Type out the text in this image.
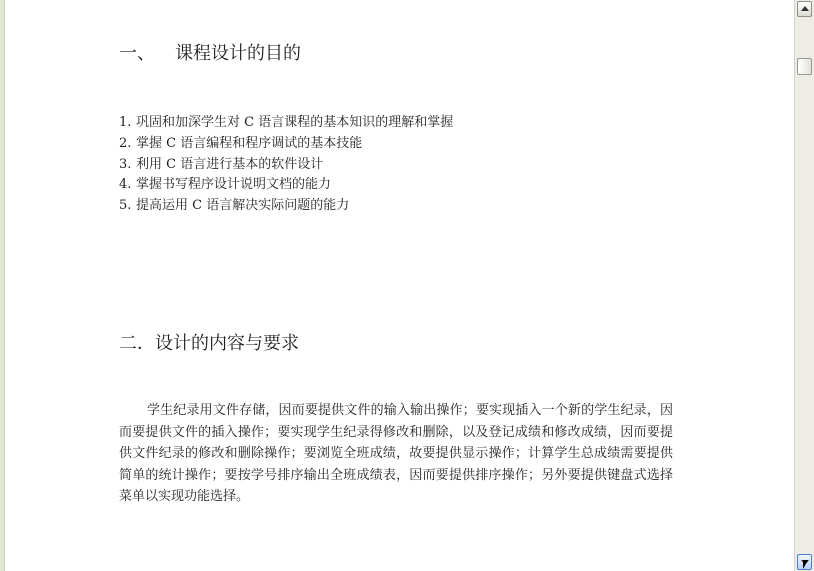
一、 课程设计的目的
1. 巩固和加深学生对 C 语言课程的基本知识的理解和掌握
2. 掌握 C 语言编程和程序调试的基本技能
3. 利用 C 语言进行基本的软件设计
4. 掌握书写程序设计说明文档的能力
5. 提高运用 C 语言解决实际问题的能力
二．设计的内容与要求

学生纪录用文件存储，因而要提供文件的输入输出操作；要实现插入一个新的学生纪录，因而要提供文件的插入操作；要实现学生纪录得修改和删除，以及登记成绩和修改成绩，因而要提供文件纪录的修改和删除操作；要浏览全班成绩，故要提供显示操作；计算学生总成绩需要提供简单的统计操作；要按学号排序输出全班成绩表，因而要提供排序操作；另外要提供键盘式选择菜单以实现功能选择。
